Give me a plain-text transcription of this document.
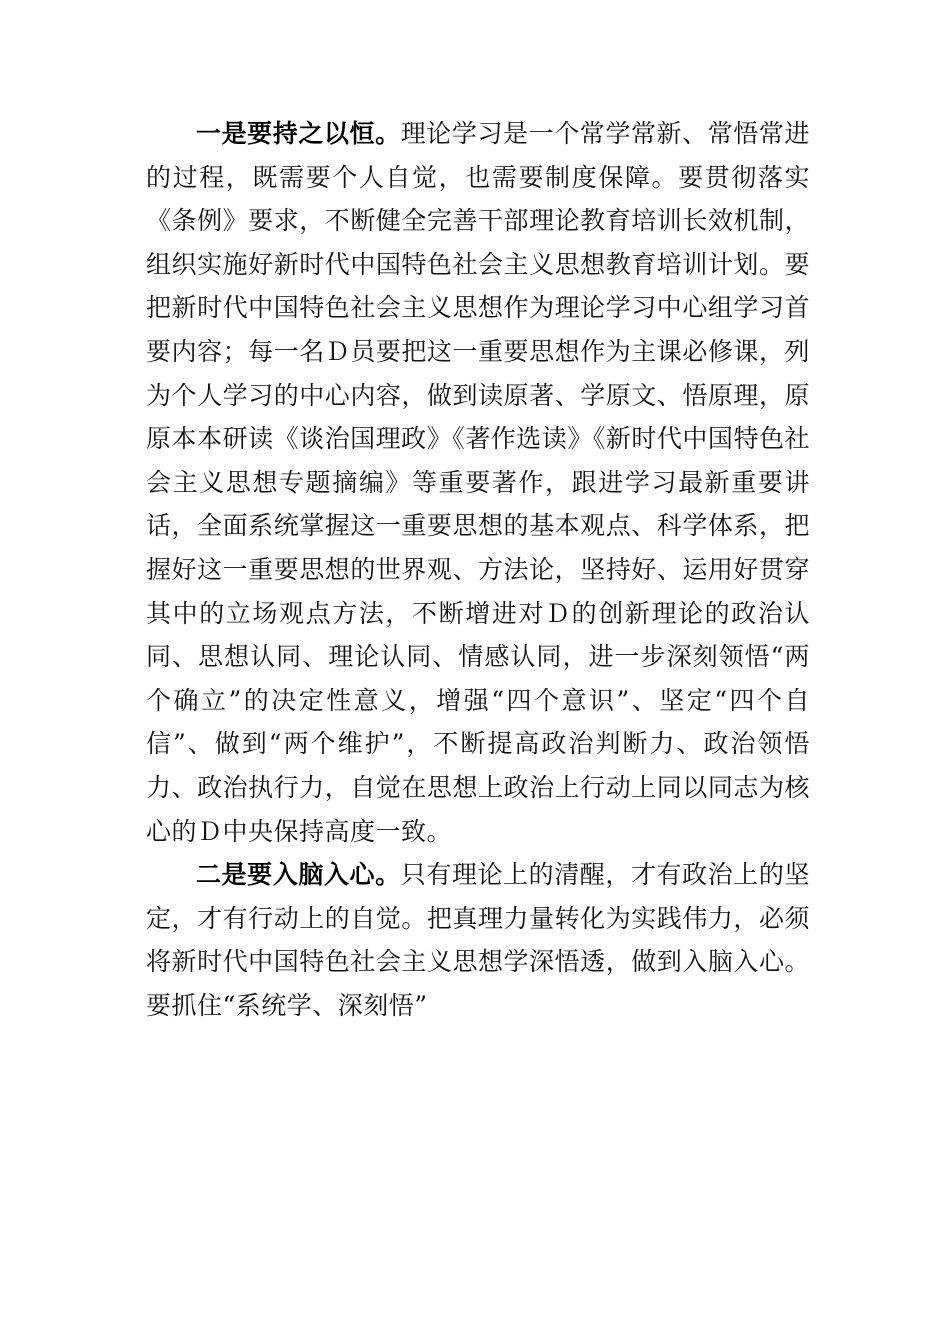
一是要持之以恒。理论学习是一个常学常新、常悟常进的过程，既需要个人自觉，也需要制度保障。要贯彻落实《条例》要求，不断健全完善干部理论教育培训长效机制，组织实施好新时代中国特色社会主义思想教育培训计划。要把新时代中国特色社会主义思想作为理论学习中心组学习首要内容；每一名Ｄ员要把这一重要思想作为主课必修课，列为个人学习的中心内容，做到读原著、学原文、悟原理，原原本本研读《谈治国理政》《著作选读》《新时代中国特色社会主义思想专题摘编》等重要著作，跟进学习最新重要讲话，全面系统掌握这一重要思想的基本观点、科学体系，把握好这一重要思想的世界观、方法论，坚持好、运用好贯穿其中的立场观点方法，不断增进对Ｄ的创新理论的政治认同、思想认同、理论认同、情感认同，进一步深刻领悟“两个确立”的决定性意义，增强“四个意识”、坚定“四个自信”、做到“两个维护”，不断提高政治判断力、政治领悟力、政治执行力，自觉在思想上政治上行动上同以同志为核心的Ｄ中央保持高度一致。

二是要入脑入心。只有理论上的清醒，才有政治上的坚定，才有行动上的自觉。把真理力量转化为实践伟力，必须将新时代中国特色社会主义思想学深悟透，做到入脑入心。要抓住“系统学、深刻悟”
